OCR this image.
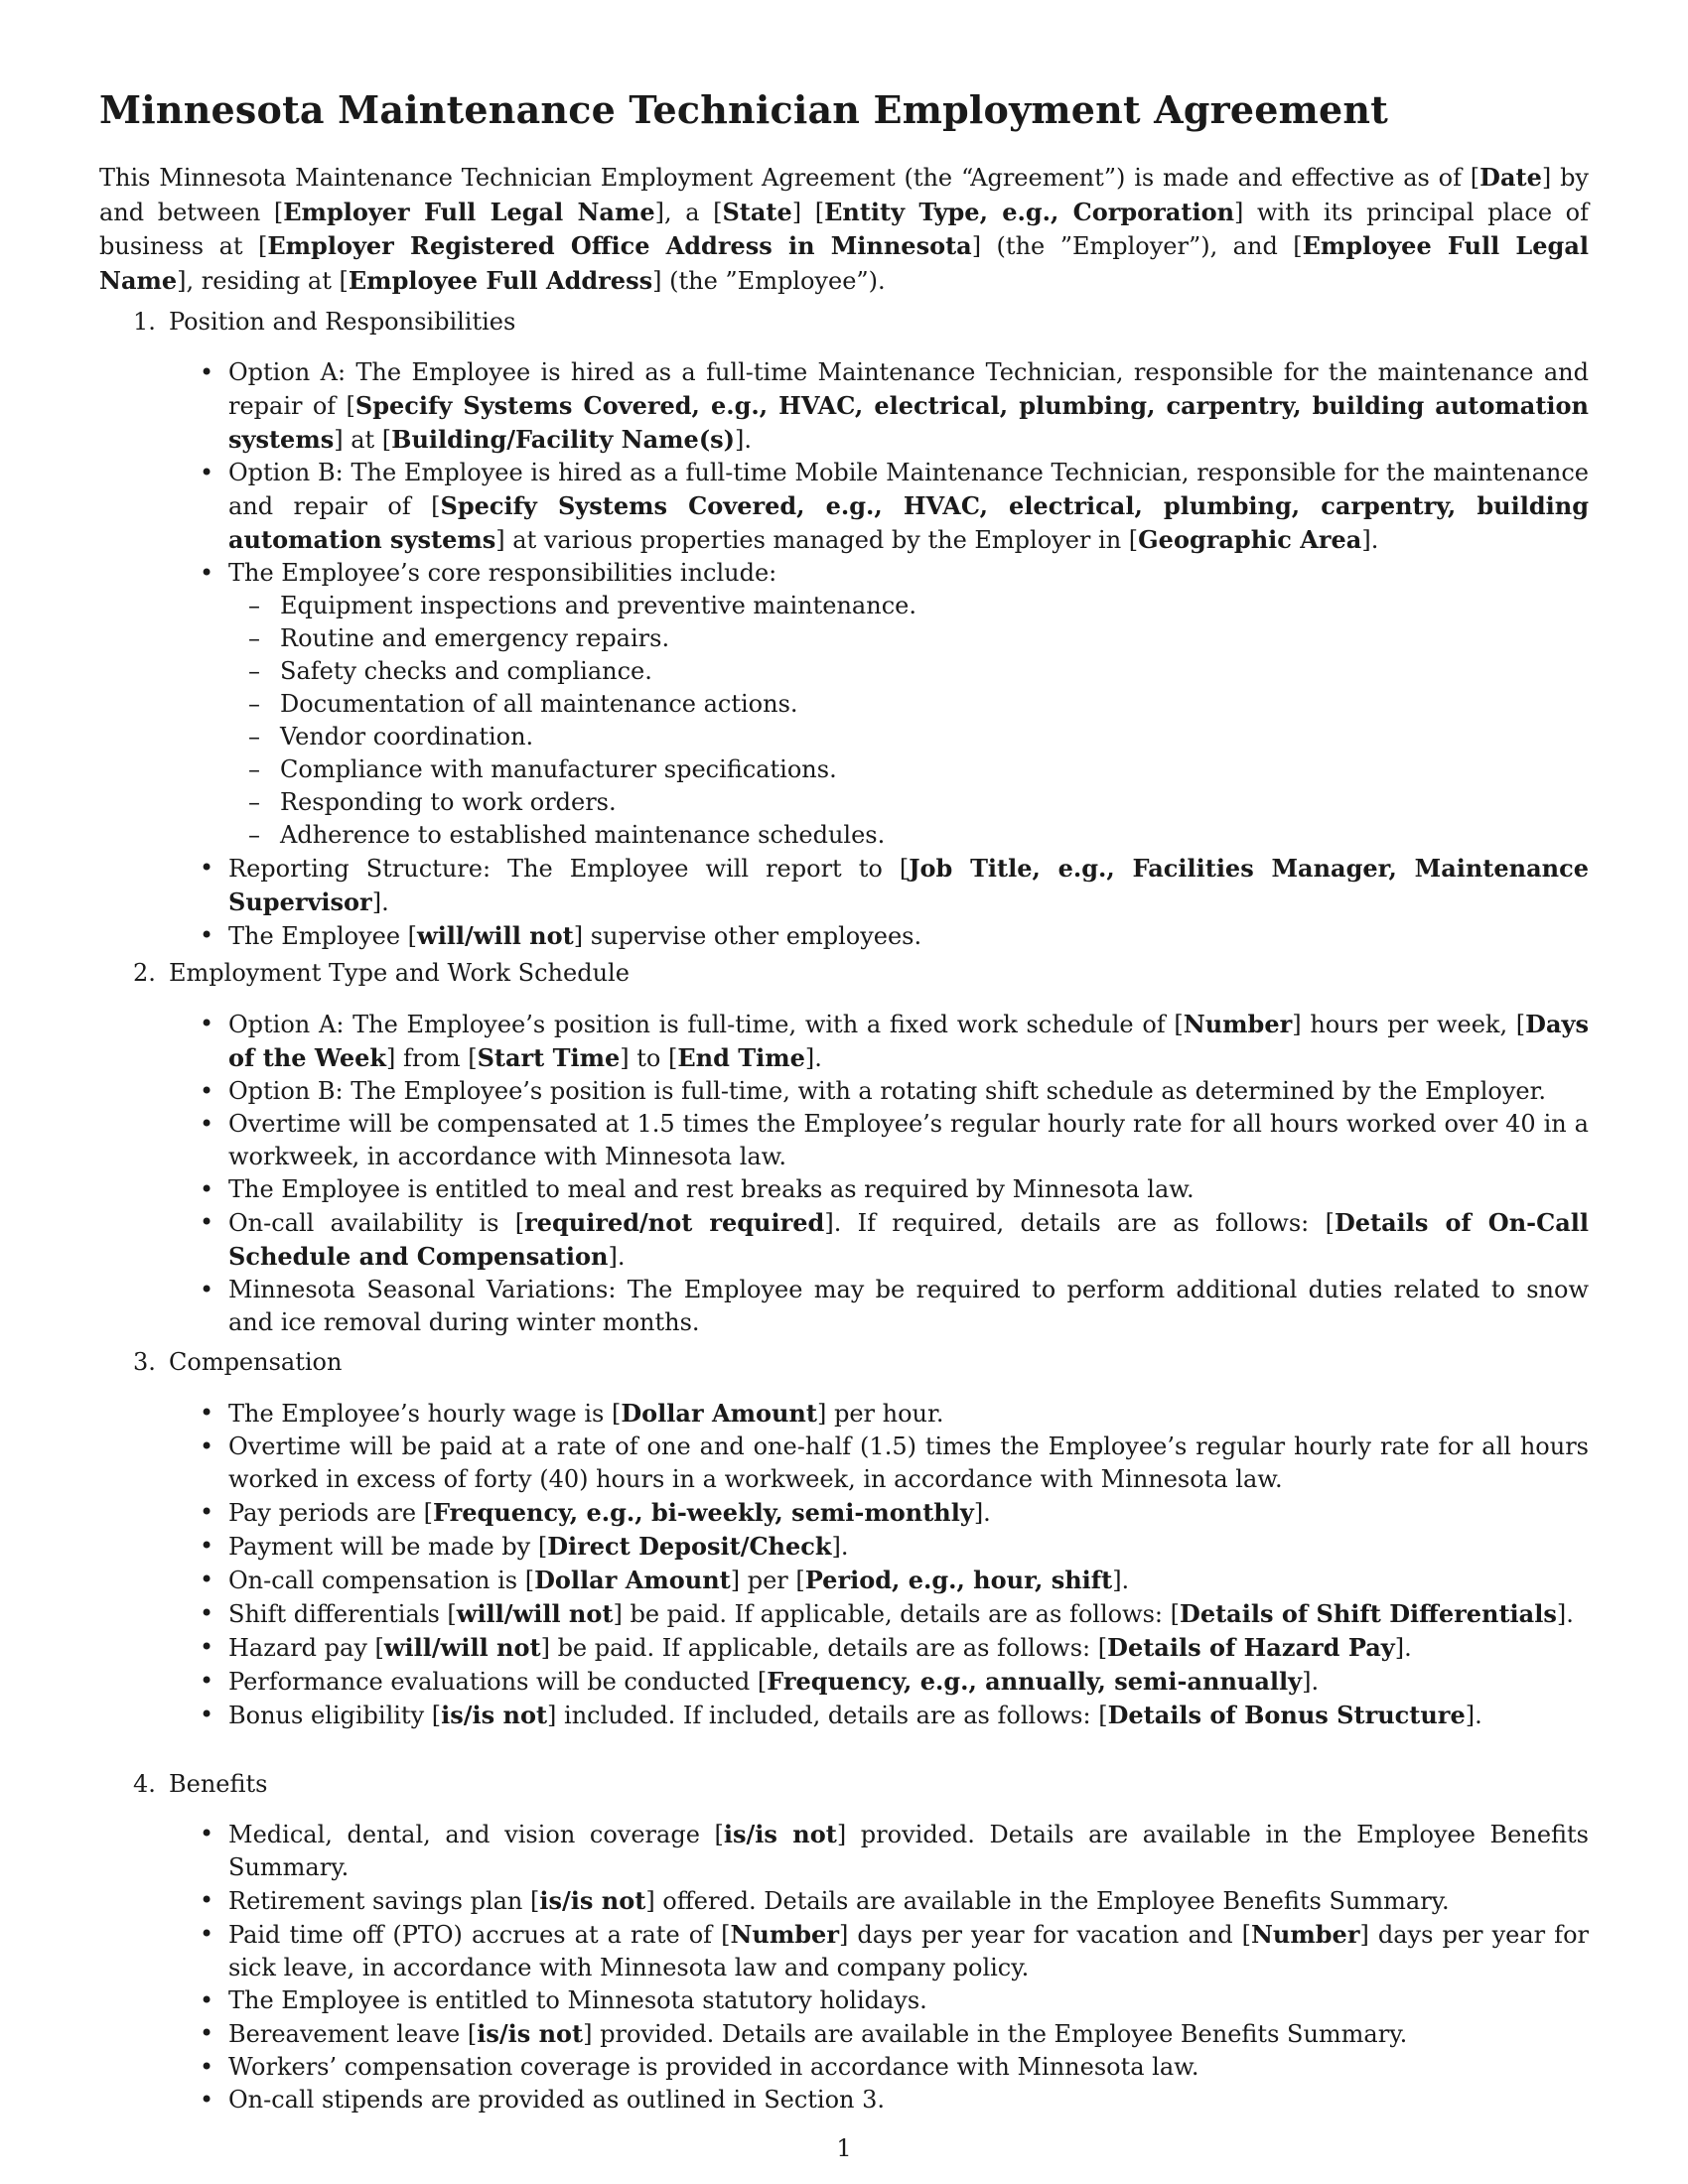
Minnesota Maintenance Technician Employment Agreement

This Minnesota Maintenance Technician Employment Agreement (the “Agreement”) is made and effective as of [Date] by and between [Employer Full Legal Name], a [State] [Entity Type, e.g., Corporation] with its principal place of business at [Employer Registered Office Address in Minnesota] (the ”Employer”), and [Employee Full Legal Name], residing at [Employee Full Address] (the ”Employee”).

1. Position and Responsibilities
• Option A: The Employee is hired as a full-time Maintenance Technician, responsible for the maintenance and repair of [Specify Systems Covered, e.g., HVAC, electrical, plumbing, carpentry, building automation systems] at [Building/Facility Name(s)].
• Option B: The Employee is hired as a full-time Mobile Maintenance Technician, responsible for the maintenance and repair of [Specify Systems Covered, e.g., HVAC, electrical, plumbing, carpentry, building automation systems] at various properties managed by the Employer in [Geographic Area].
• The Employee’s core responsibilities include:
– Equipment inspections and preventive maintenance.
– Routine and emergency repairs.
– Safety checks and compliance.
– Documentation of all maintenance actions.
– Vendor coordination.
– Compliance with manufacturer specifications.
– Responding to work orders.
– Adherence to established maintenance schedules.
• Reporting Structure: The Employee will report to [Job Title, e.g., Facilities Manager, Maintenance Supervisor].
• The Employee [will/will not] supervise other employees.
2. Employment Type and Work Schedule
• Option A: The Employee’s position is full-time, with a fixed work schedule of [Number] hours per week, [Days of the Week] from [Start Time] to [End Time].
• Option B: The Employee’s position is full-time, with a rotating shift schedule as determined by the Employer.
• Overtime will be compensated at 1.5 times the Employee’s regular hourly rate for all hours worked over 40 in a workweek, in accordance with Minnesota law.
• The Employee is entitled to meal and rest breaks as required by Minnesota law.
• On-call availability is [required/not required]. If required, details are as follows: [Details of On-Call Schedule and Compensation].
• Minnesota Seasonal Variations: The Employee may be required to perform additional duties related to snow and ice removal during winter months.
3. Compensation
• The Employee’s hourly wage is [Dollar Amount] per hour.
• Overtime will be paid at a rate of one and one-half (1.5) times the Employee’s regular hourly rate for all hours worked in excess of forty (40) hours in a workweek, in accordance with Minnesota law.
• Pay periods are [Frequency, e.g., bi-weekly, semi-monthly].
• Payment will be made by [Direct Deposit/Check].
• On-call compensation is [Dollar Amount] per [Period, e.g., hour, shift].
• Shift differentials [will/will not] be paid. If applicable, details are as follows: [Details of Shift Differentials].
• Hazard pay [will/will not] be paid. If applicable, details are as follows: [Details of Hazard Pay].
• Performance evaluations will be conducted [Frequency, e.g., annually, semi-annually].
• Bonus eligibility [is/is not] included. If included, details are as follows: [Details of Bonus Structure].
4. Benefits
• Medical, dental, and vision coverage [is/is not] provided. Details are available in the Employee Benefits Summary.
• Retirement savings plan [is/is not] offered. Details are available in the Employee Benefits Summary.
• Paid time off (PTO) accrues at a rate of [Number] days per year for vacation and [Number] days per year for sick leave, in accordance with Minnesota law and company policy.
• The Employee is entitled to Minnesota statutory holidays.
• Bereavement leave [is/is not] provided. Details are available in the Employee Benefits Summary.
• Workers’ compensation coverage is provided in accordance with Minnesota law.
• On-call stipends are provided as outlined in Section 3.
1
